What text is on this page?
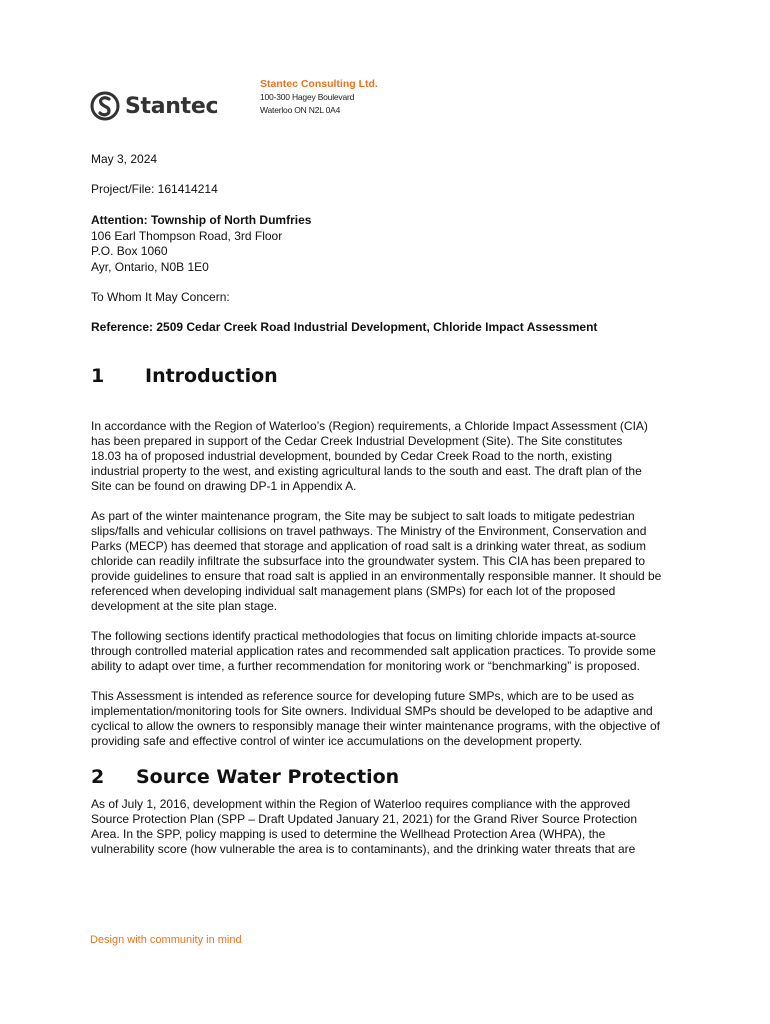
Stantec
Stantec Consulting Ltd.
100-300 Hagey Boulevard
Waterloo ON N2L 0A4
May 3, 2024
Project/File: 161414214
Attention: Township of North Dumfries
106 Earl Thompson Road, 3rd Floor
P.O. Box 1060
Ayr, Ontario, N0B 1E0
To Whom It May Concern:
Reference: 2509 Cedar Creek Road Industrial Development, Chloride Impact Assessment
1 Introduction
In accordance with the Region of Waterloo’s (Region) requirements, a Chloride Impact Assessment (CIA)
has been prepared in support of the Cedar Creek Industrial Development (Site). The Site constitutes
18.03 ha of proposed industrial development, bounded by Cedar Creek Road to the north, existing
industrial property to the west, and existing agricultural lands to the south and east. The draft plan of the
Site can be found on drawing DP-1 in Appendix A.
As part of the winter maintenance program, the Site may be subject to salt loads to mitigate pedestrian
slips/falls and vehicular collisions on travel pathways. The Ministry of the Environment, Conservation and
Parks (MECP) has deemed that storage and application of road salt is a drinking water threat, as sodium
chloride can readily infiltrate the subsurface into the groundwater system. This CIA has been prepared to
provide guidelines to ensure that road salt is applied in an environmentally responsible manner. It should be
referenced when developing individual salt management plans (SMPs) for each lot of the proposed
development at the site plan stage.
The following sections identify practical methodologies that focus on limiting chloride impacts at-source
through controlled material application rates and recommended salt application practices. To provide some
ability to adapt over time, a further recommendation for monitoring work or “benchmarking” is proposed.
This Assessment is intended as reference source for developing future SMPs, which are to be used as
implementation/monitoring tools for Site owners. Individual SMPs should be developed to be adaptive and
cyclical to allow the owners to responsibly manage their winter maintenance programs, with the objective of
providing safe and effective control of winter ice accumulations on the development property.
2 Source Water Protection
As of July 1, 2016, development within the Region of Waterloo requires compliance with the approved
Source Protection Plan (SPP – Draft Updated January 21, 2021) for the Grand River Source Protection
Area. In the SPP, policy mapping is used to determine the Wellhead Protection Area (WHPA), the
vulnerability score (how vulnerable the area is to contaminants), and the drinking water threats that are
Design with community in mind
